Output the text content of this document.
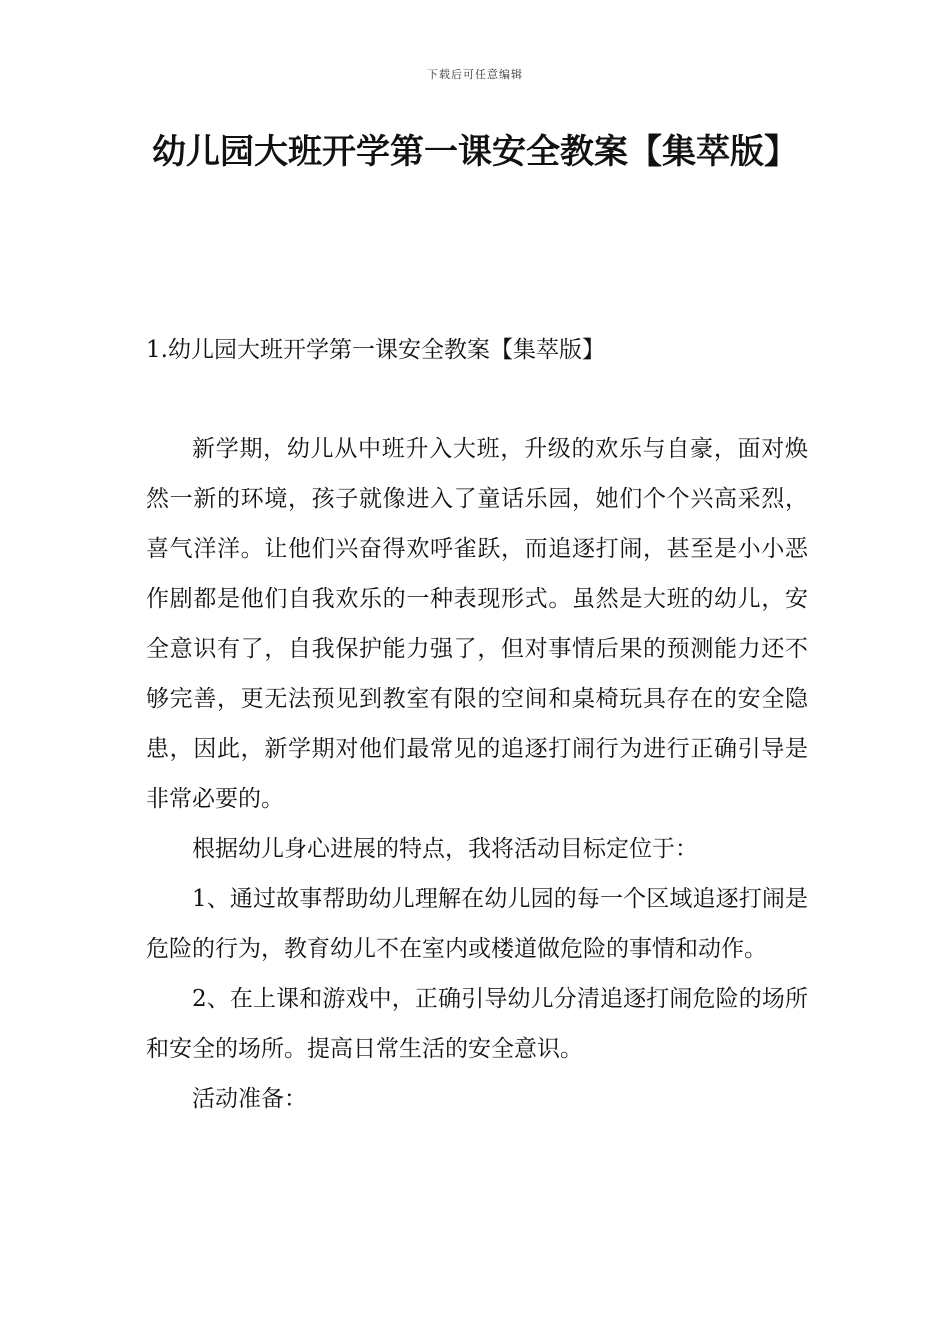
下载后可任意编辑
幼儿园大班开学第一课安全教案【集萃版】
1.幼儿园大班开学第一课安全教案【集萃版】

新学期，幼儿从中班升入大班，升级的欢乐与自豪，面对焕然一新的环境，孩子就像进入了童话乐园，她们个个兴高采烈，喜气洋洋。让他们兴奋得欢呼雀跃，而追逐打闹，甚至是小小恶作剧都是他们自我欢乐的一种表现形式。虽然是大班的幼儿，安全意识有了，自我保护能力强了，但对事情后果的预测能力还不够完善，更无法预见到教室有限的空间和桌椅玩具存在的安全隐患，因此，新学期对他们最常见的追逐打闹行为进行正确引导是非常必要的。

根据幼儿身心进展的特点，我将活动目标定位于：

1、通过故事帮助幼儿理解在幼儿园的每一个区域追逐打闹是危险的行为，教育幼儿不在室内或楼道做危险的事情和动作。

2、在上课和游戏中，正确引导幼儿分清追逐打闹危险的场所和安全的场所。提高日常生活的安全意识。

活动准备：
